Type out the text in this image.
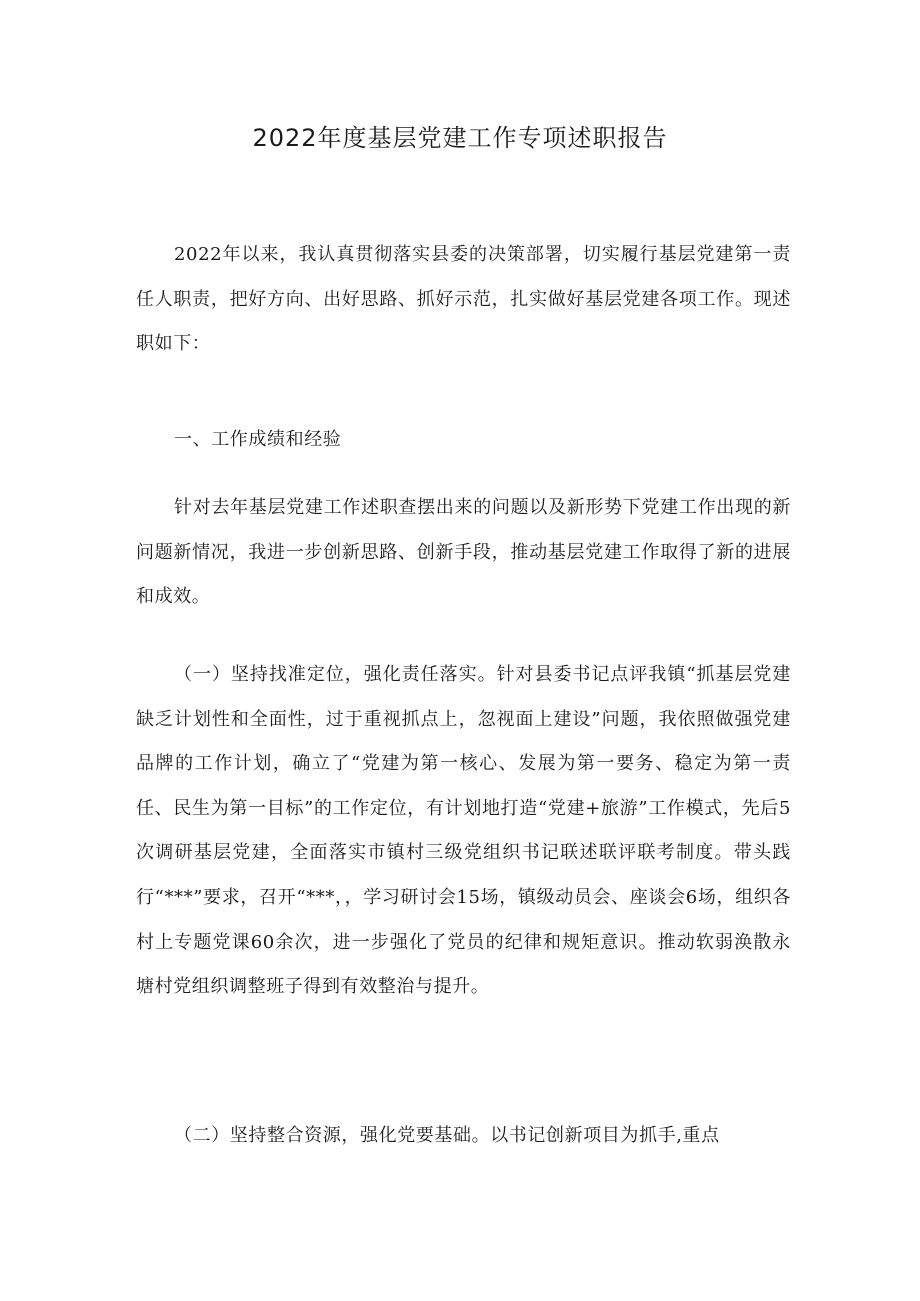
2022年度基层党建工作专项述职报告

2022年以来，我认真贯彻落实县委的决策部署，切实履行基层党建第一责任人职责，把好方向、出好思路、抓好示范，扎实做好基层党建各项工作。现述职如下：

一、工作成绩和经验

针对去年基层党建工作述职查摆出来的问题以及新形势下党建工作出现的新问题新情况，我进一步创新思路、创新手段，推动基层党建工作取得了新的进展和成效。

（一）坚持找准定位，强化责任落实。针对县委书记点评我镇“抓基层党建缺乏计划性和全面性，过于重视抓点上，忽视面上建设”问题，我依照做强党建品牌的工作计划，确立了“党建为第一核心、发展为第一要务、稳定为第一责任、民生为第一目标”的工作定位，有计划地打造“党建+旅游”工作模式，先后5次调研基层党建，全面落实市镇村三级党组织书记联述联评联考制度。带头践行“***”要求，召开“***，，学习研讨会15场，镇级动员会、座谈会6场，组织各村上专题党课60余次，进一步强化了党员的纪律和规矩意识。推动软弱涣散永塘村党组织调整班子得到有效整治与提升。

（二）坚持整合资源，强化党要基础。以书记创新项目为抓手,重点
